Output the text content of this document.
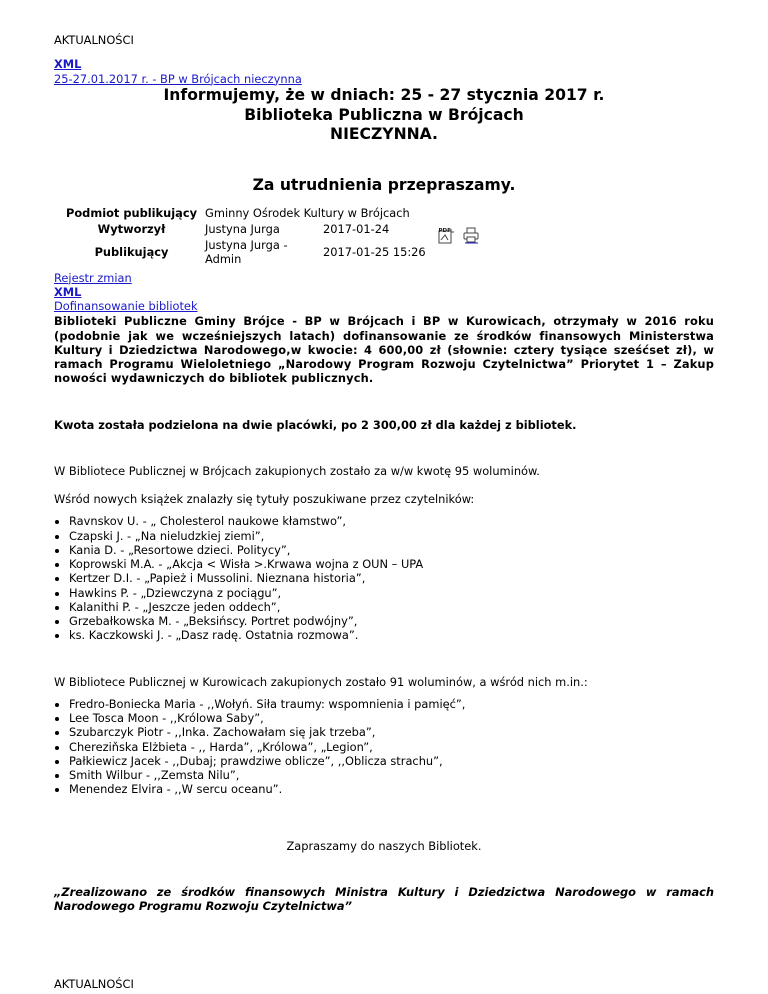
AKTUALNOŚCI
XML
25-27.01.2017 r. - BP w Brójcach nieczynna

Informujemy, że w dniach: 25 - 27 stycznia 2017 r.

Biblioteka Publiczna w Brójcach

NIECZYNNA.

Za utrudnienia przepraszamy.

Podmiot publikujący	Gminny Ośrodek Kultury w Brójcach		
Wytworzył	Justyna Jurga	2017-01-24	PDF

Publikujący	Justyna Jurga - Admin	2017-01-25 15:26	
Rejestr zmian
XML
Dofinansowanie bibliotek

Biblioteki Publiczne Gminy Brójce - BP w Brójcach i BP w Kurowicach, otrzymały w 2016 roku (podobnie jak we wcześniejszych latach) dofinansowanie ze środków finansowych Ministerstwa Kultury i Dziedzictwa Narodowego,w kwocie: 4 600,00 zł (słownie: cztery tysiące sześćset zł), w ramach Programu Wieloletniego „Narodowy Program Rozwoju Czytelnictwa” Priorytet 1 – Zakup nowości wydawniczych do bibliotek publicznych.

Kwota została podzielona na dwie placówki, po 2 300,00 zł dla każdej z bibliotek.

W Bibliotece Publicznej w Brójcach zakupionych zostało za w/w kwotę 95 woluminów.

Wśród nowych książek znalazły się tytuły poszukiwane przez czytelników:

• Ravnskov U. - „ Cholesterol naukowe kłamstwo”,
• Czapski J. - „Na nieludzkiej ziemi”,
• Kania D. - „Resortowe dzieci. Politycy”,
• Koprowski M.A. - „Akcja < Wisła >.Krwawa wojna z OUN – UPA
• Kertzer D.I. - „Papież i Mussolini. Nieznana historia”,
• Hawkins P. - „Dziewczyna z pociągu”,
• Kalanithi P. - „Jeszcze jeden oddech”,
• Grzebałkowska M. - „Beksińscy. Portret podwójny”,
• ks. Kaczkowski J. - „Dasz radę. Ostatnia rozmowa”.

W Bibliotece Publicznej w Kurowicach zakupionych zostało 91 woluminów, a wśród nich m.in.:

• Fredro-Boniecka Maria - ,,Wołyń. Siła traumy: wspomnienia i pamięć”,
• Lee Tosca Moon - ,,Królowa Saby”,
• Szubarczyk Piotr - ,,Inka. Zachowałam się jak trzeba”,
• Chereziňska Elżbieta - ,, Harda”, „Królowa”, „Legion”,
• Pałkiewicz Jacek - ,,Dubaj; prawdziwe oblicze”, ,,Oblicza strachu”,
• Smith Wilbur - ,,Zemsta Nilu”,
• Menendez Elvira - ,,W sercu oceanu”.

Zapraszamy do naszych Bibliotek.

„Zrealizowano ze środków finansowych Ministra Kultury i Dziedzictwa Narodowego w ramach Narodowego Programu Rozwoju Czytelnictwa”

AKTUALNOŚCI
